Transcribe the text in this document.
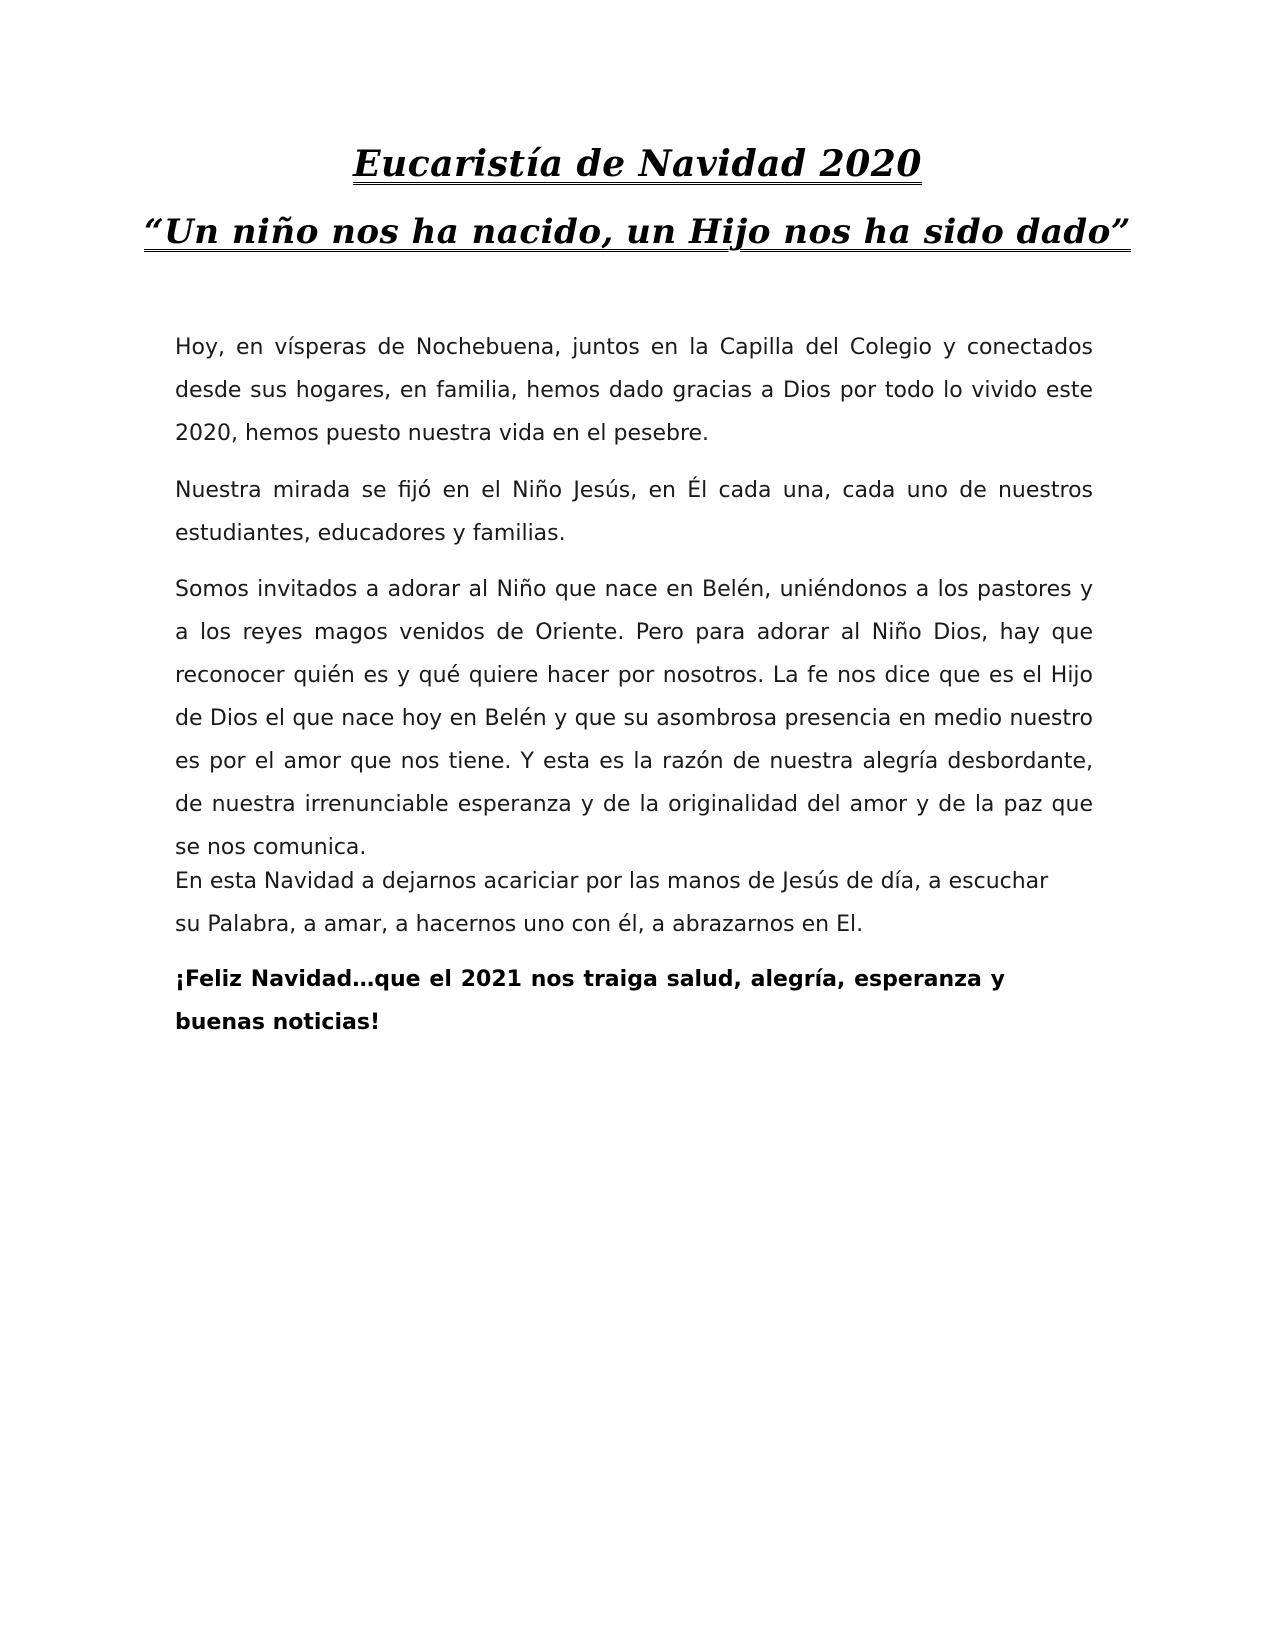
Eucaristía de Navidad 2020
“Un niño nos ha nacido, un Hijo nos ha sido dado”

Hoy, en vísperas de Nochebuena, juntos en la Capilla del Colegio y conectados desde sus hogares, en familia, hemos dado gracias a Dios por todo lo vivido este 2020, hemos puesto nuestra vida en el pesebre.

Nuestra mirada se fijó en el Niño Jesús, en Él cada una, cada uno de nuestros estudiantes, educadores y familias.

Somos invitados a adorar al Niño que nace en Belén, uniéndonos a los pastores y a los reyes magos venidos de Oriente. Pero para adorar al Niño Dios, hay que reconocer quién es y qué quiere hacer por nosotros. La fe nos dice que es el Hijo de Dios el que nace hoy en Belén y que su asombrosa presencia en medio nuestro es por el amor que nos tiene. Y esta es la razón de nuestra alegría desbordante, de nuestra irrenunciable esperanza y de la originalidad del amor y de la paz que se nos comunica.

En esta Navidad a dejarnos acariciar por las manos de Jesús de día, a escuchar su Palabra, a amar, a hacernos uno con él, a abrazarnos en El.

¡Feliz Navidad…que el 2021 nos traiga salud, alegría, esperanza y buenas noticias!
